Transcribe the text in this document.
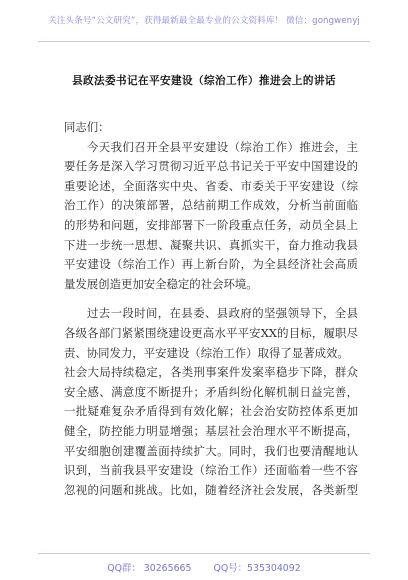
关注头条号“公文研究”，获得最新最全最专业的公文资料库！ 微信：gongwenyj
县政法委书记在平安建设（综治工作）推进会上的讲话
同志们：
今天我们召开全县平安建设（综治工作）推进会，主
要任务是深入学习贯彻习近平总书记关于平安中国建设的
重要论述，全面落实中央、省委、市委关于平安建设（综
治工作）的决策部署，总结前期工作成效，分析当前面临
的形势和问题，安排部署下一阶段重点任务，动员全县上
下进一步统一思想、凝聚共识、真抓实干，奋力推动我县
平安建设（综治工作）再上新台阶，为全县经济社会高质
量发展创造更加安全稳定的社会环境。
过去一段时间，在县委、县政府的坚强领导下，全县
各级各部门紧紧围绕建设更高水平平安XX的目标，履职尽
责、协同发力，平安建设（综治工作）取得了显著成效。
社会大局持续稳定，各类刑事案件发案率稳步下降，群众
安全感、满意度不断提升；矛盾纠纷化解机制日益完善，
一批疑难复杂矛盾得到有效化解；社会治安防控体系更加
健全，防控能力明显增强；基层社会治理水平不断提高，
平安细胞创建覆盖面持续扩大。同时，我们也要清醒地认
识到，当前我县平安建设（综治工作）还面临着一些不容
忽视的问题和挑战。比如，随着经济社会发展，各类新型
QQ群： 30265665 QQ号：535304092
